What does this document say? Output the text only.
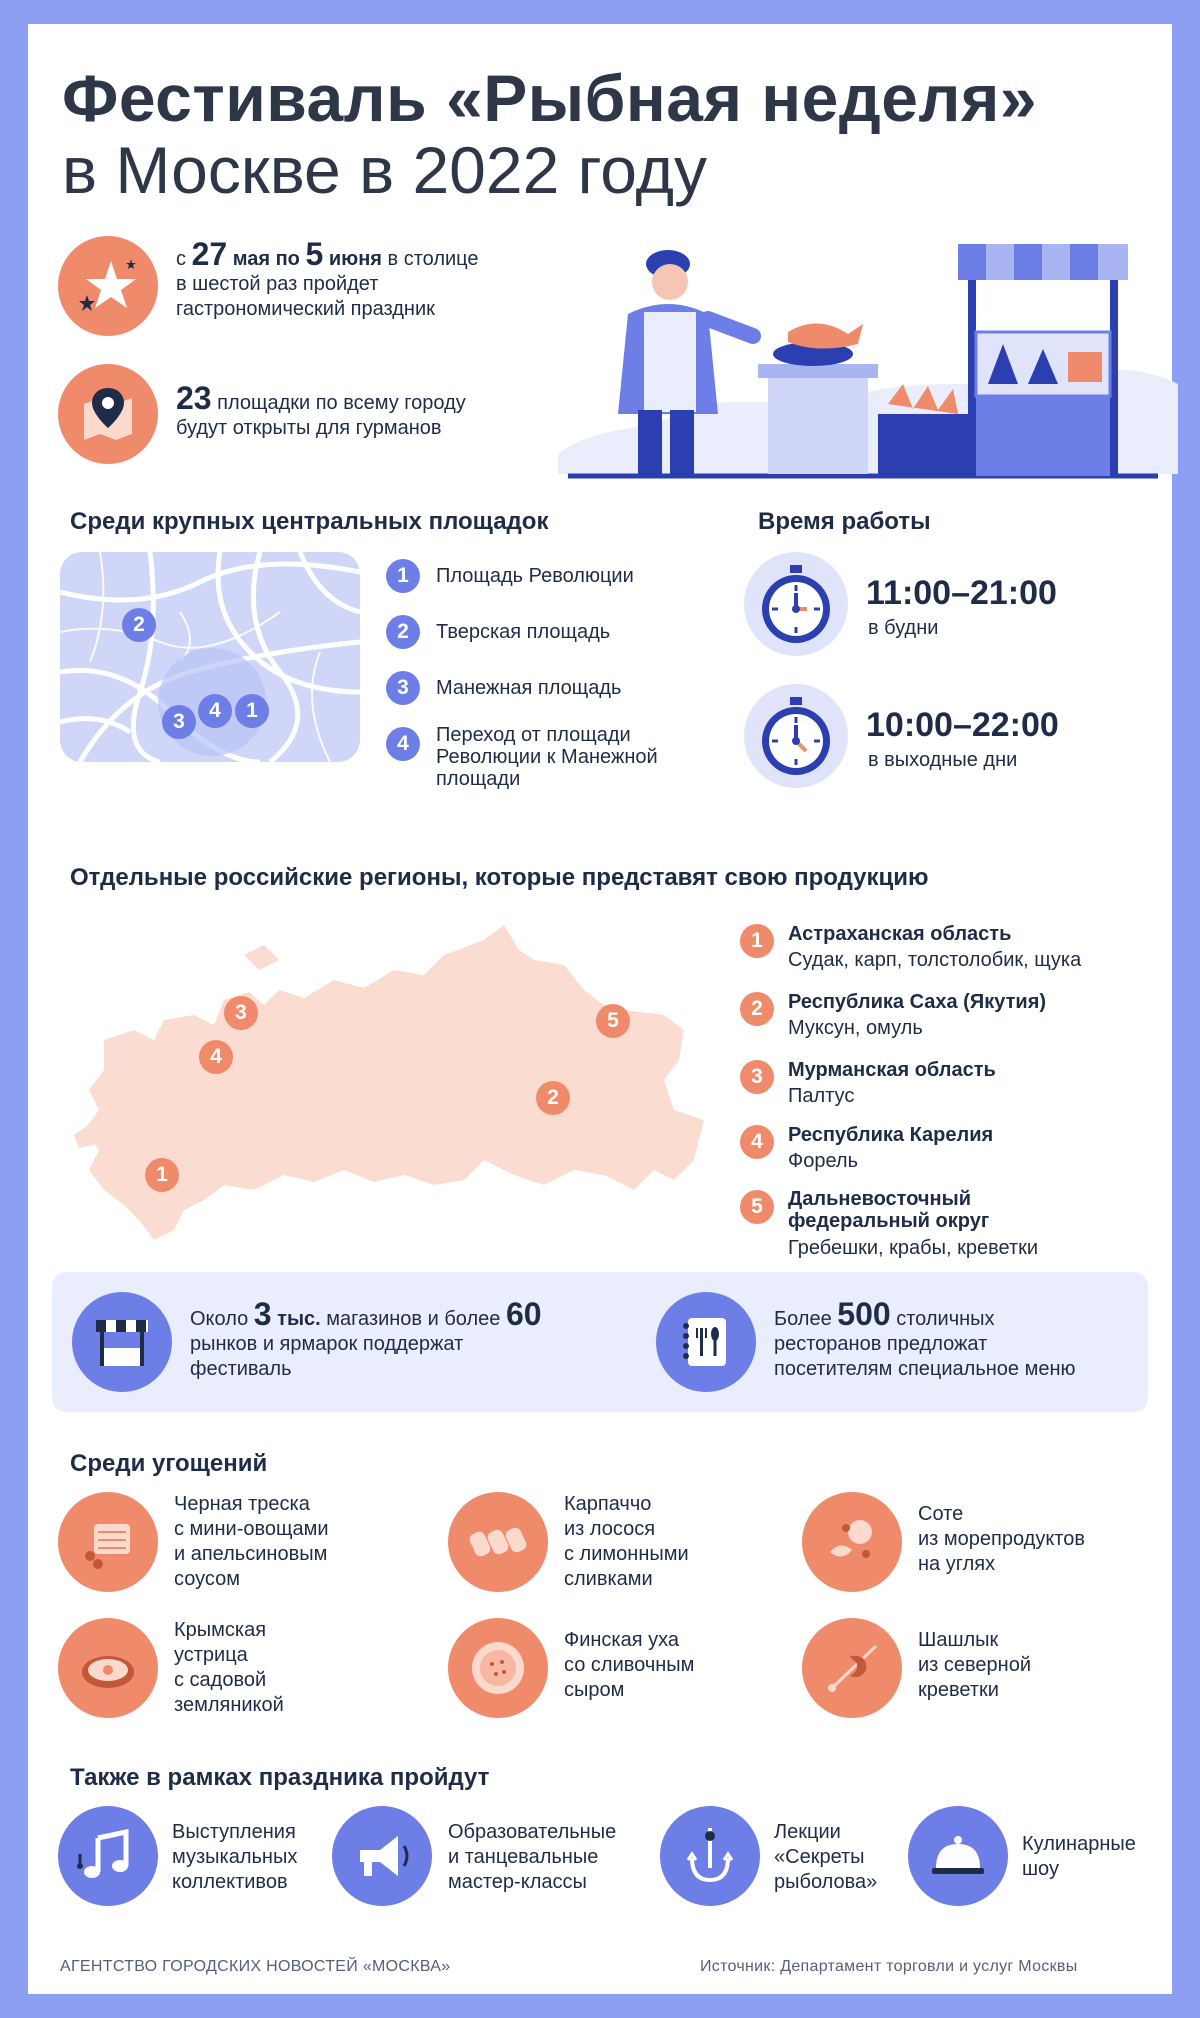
Фестиваль «Рыбная неделя»
в Москве в 2022 году
с 27 мая по 5 июня в столице
в шестой раз пройдет
гастрономический праздник
23 площадки по всему городу
будут открыты для гурманов
Среди крупных центральных площадок
2
3	4	1
1	Площадь Революции
2	Тверская площадь
3	Манежная площадь
4	Переход от площади
Революции к Манежной
площади
Время работы
11:00–21:00
в будни
10:00–22:00
в выходные дни
Отдельные российские регионы, которые представят свою продукцию
3
4
5
2
1
1	Астраханская область
Судак, карп, толстолобик, щука
2	Республика Саха (Якутия)
Муксун, омуль
3	Мурманская область
Палтус
4	Республика Карелия
Форель
5	Дальневосточный
федеральный округ
Гребешки, крабы, креветки
Около 3 тыс. магазинов и более 60
рынков и ярмарок поддержат
фестиваль
Более 500 столичных
ресторанов предложат
посетителям специальное меню
Среди угощений
Черная треска
с мини-овощами
и апельсиновым
соусом
Карпаччо
из лосося
с лимонными
сливками
Соте
из морепродуктов
на углях
Крымская
устрица
с садовой
земляникой
Финская уха
со сливочным
сыром
Шашлык
из северной
креветки
Также в рамках праздника пройдут
Выступления
музыкальных
коллективов
Образовательные
и танцевальные
мастер-классы
Лекции
«Секреты
рыболова»
Кулинарные
шоу
АГЕНТСТВО ГОРОДСКИХ НОВОСТЕЙ «МОСКВА»	Источник: Департамент торговли и услуг Москвы
